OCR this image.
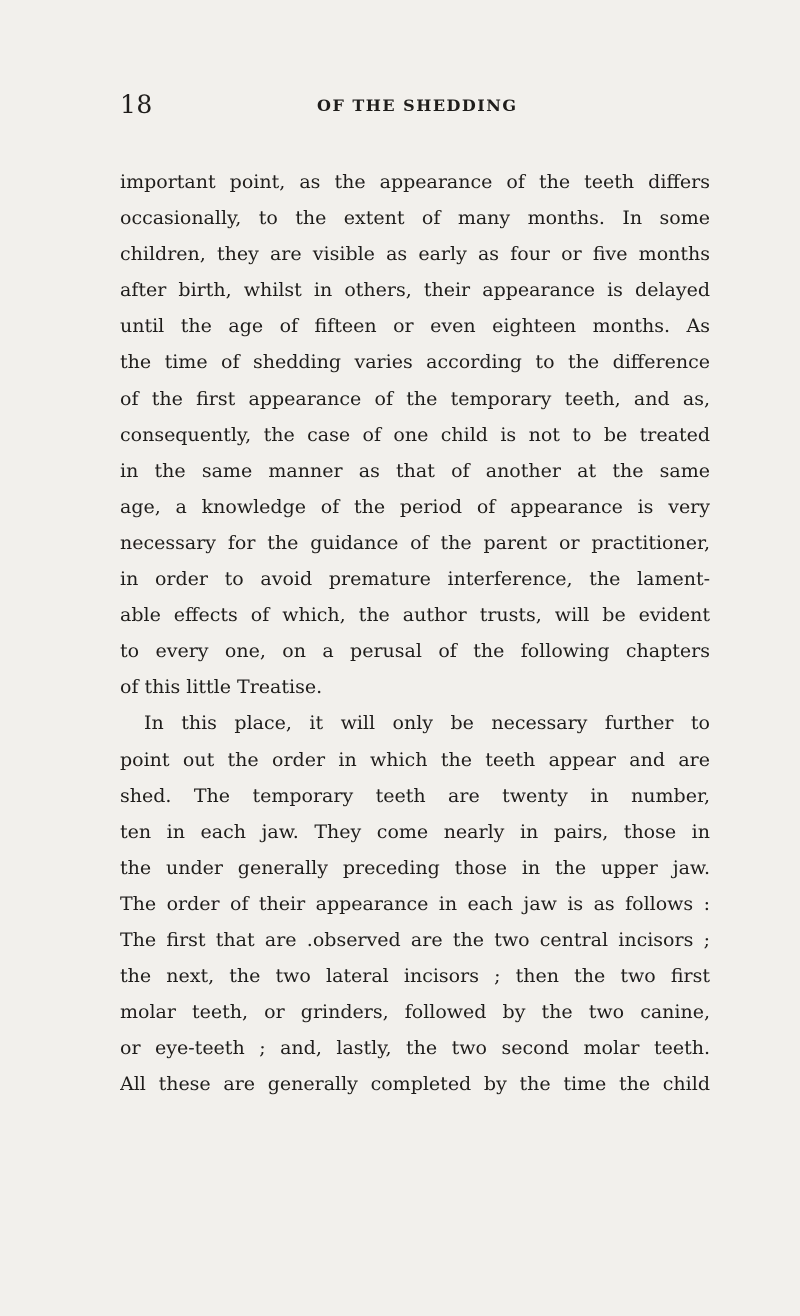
18	OF THE SHEDDING
important point, as the appearance of the teeth differs
occasionally, to the extent of many months. In some
children, they are visible as early as four or five months
after birth, whilst in others, their appearance is delayed
until the age of fifteen or even eighteen months. As
the time of shedding varies according to the difference
of the first appearance of the temporary teeth, and as,
consequently, the case of one child is not to be treated
in the same manner as that of another at the same
age, a knowledge of the period of appearance is very
necessary for the guidance of the parent or practitioner,
in order to avoid premature interference, the lament-
able effects of which, the author trusts, will be evident
to every one, on a perusal of the following chapters
of this little Treatise.
In this place, it will only be necessary further to
point out the order in which the teeth appear and are
shed. The temporary teeth are twenty in number,
ten in each jaw. They come nearly in pairs, those in
the under generally preceding those in the upper jaw.
The order of their appearance in each jaw is as follows :
The first that are .observed are the two central incisors ;
the next, the two lateral incisors ; then the two first
molar teeth, or grinders, followed by the two canine,
or eye-teeth ; and, lastly, the two second molar teeth.
All these are generally completed by the time the child
